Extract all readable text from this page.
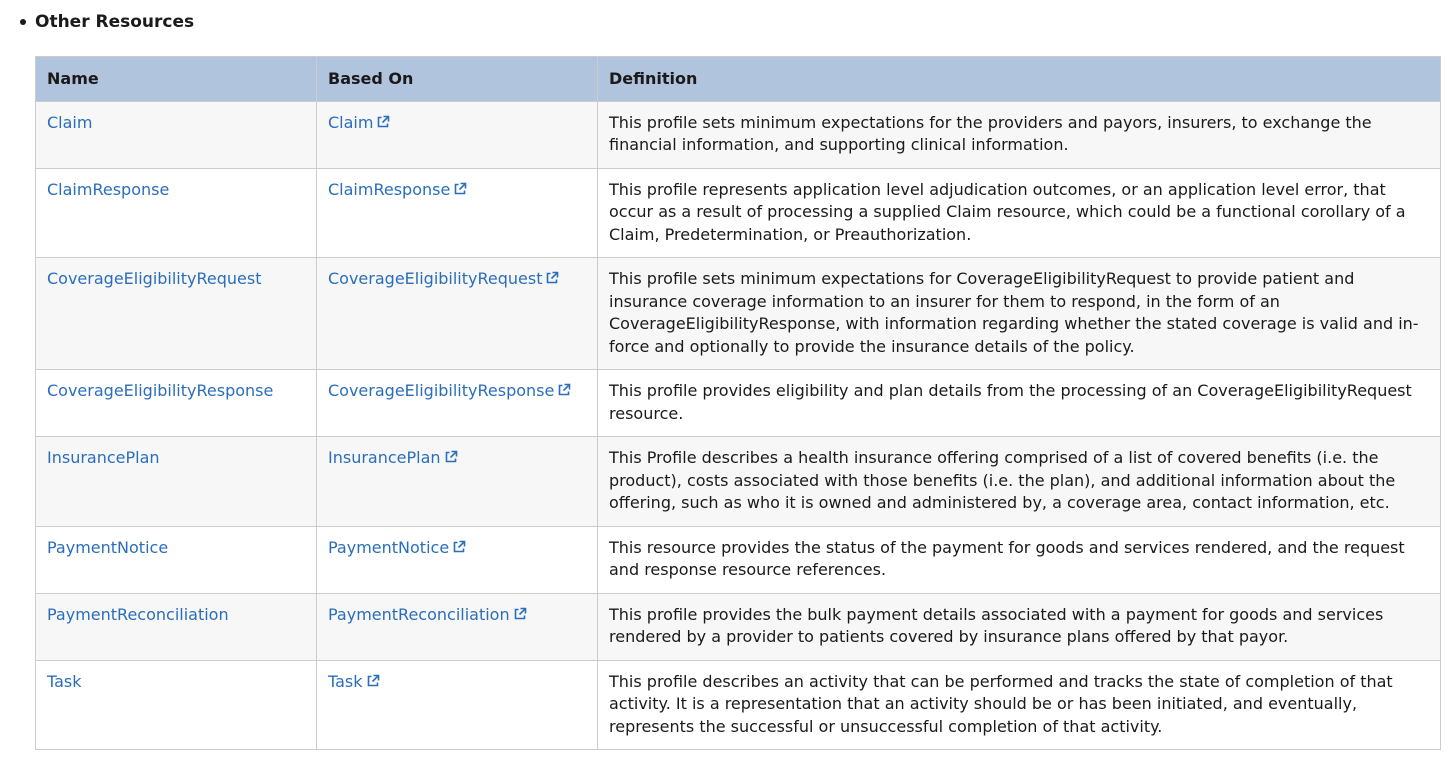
Other Resources
Name	Based On	Definition
Claim	Claim	This profile sets minimum expectations for the providers and payors, insurers, to exchange the financial information, and supporting clinical information.
ClaimResponse	ClaimResponse	This profile represents application level adjudication outcomes, or an application level error, that occur as a result of processing a supplied Claim resource, which could be a functional corollary of a Claim, Predetermination, or Preauthorization.
CoverageEligibilityRequest	CoverageEligibilityRequest	This profile sets minimum expectations for CoverageEligibilityRequest to provide patient and insurance coverage information to an insurer for them to respond, in the form of an CoverageEligibilityResponse, with information regarding whether the stated coverage is valid and in-force and optionally to provide the insurance details of the policy.
CoverageEligibilityResponse	CoverageEligibilityResponse	This profile provides eligibility and plan details from the processing of an CoverageEligibilityRequest resource.
InsurancePlan	InsurancePlan	This Profile describes a health insurance offering comprised of a list of covered benefits (i.e. the product), costs associated with those benefits (i.e. the plan), and additional information about the offering, such as who it is owned and administered by, a coverage area, contact information, etc.
PaymentNotice	PaymentNotice	This resource provides the status of the payment for goods and services rendered, and the request and response resource references.
PaymentReconciliation	PaymentReconciliation	This profile provides the bulk payment details associated with a payment for goods and services rendered by a provider to patients covered by insurance plans offered by that payor.
Task	Task	This profile describes an activity that can be performed and tracks the state of completion of that activity. It is a representation that an activity should be or has been initiated, and eventually, represents the successful or unsuccessful completion of that activity.
